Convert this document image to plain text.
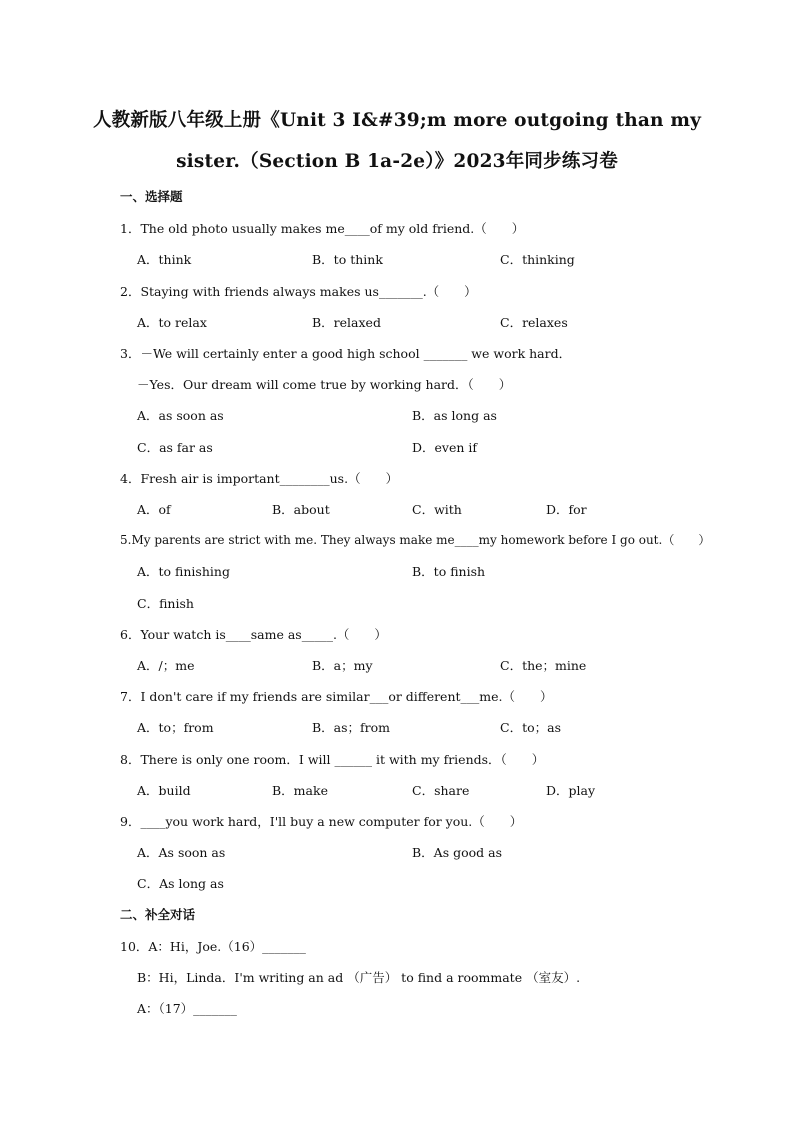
人教新版八年级上册《Unit 3 I&#39;m more outgoing than my
sister.（Section B 1a-2e）》2023年同步练习卷
一、选择题
1．The old photo usually makes me____of my old friend.（　　）
A．think	B．to think	C．thinking
2．Staying with friends always makes us_______.（　　）
A．to relax	B．relaxed	C．relaxes
3．－We will certainly enter a good high school _______ we work hard．
－Yes．Our dream will come true by working hard．（　　）
A．as soon as	B．as long as
C．as far as	D．even if
4．Fresh air is important________us.（　　）
A．of	B．about	C．with	D．for
5.My parents are strict with me. They always make me____my homework before I go out.（　　）
A．to finishing	B．to finish
C．finish
6．Your watch is____same as_____.（　　）
A．/；me	B．a；my	C．the；mine
7．I don't care if my friends are similar___or different___me.（　　）
A．to；from	B．as；from	C．to；as
8．There is only one room．I will ______ it with my friends．（　　）
A．build	B．make	C．share	D．play
9．____you work hard，I'll buy a new computer for you.（　　）
A．As soon as	B．As good as
C．As long as
二、补全对话
10．A：Hi，Joe.（16）_______
B：Hi，Linda．I'm writing an ad （广告） to find a roommate （室友）.
A：（17）_______
